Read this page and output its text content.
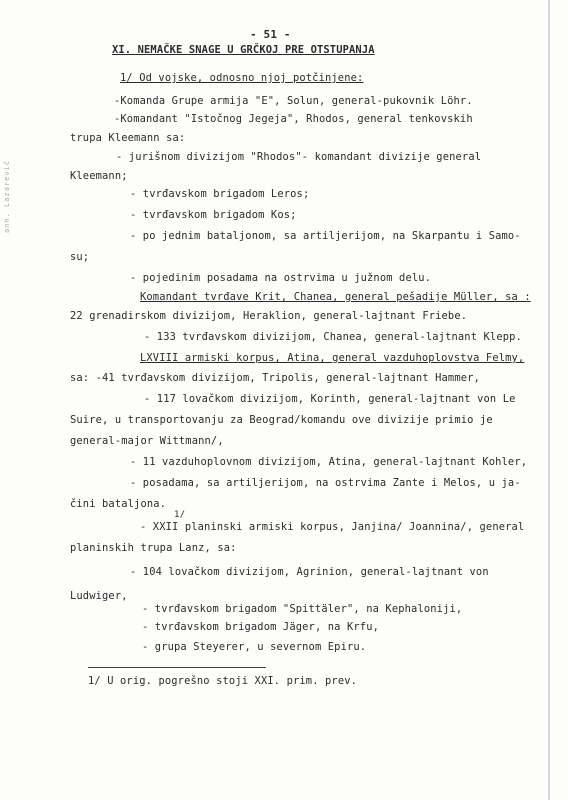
ann. Lazarević
- 51 -
XI. NEMAČKE SNAGE U GRČKOJ PRE OTSTUPANJA
1/ Od vojske, odnosno njoj potčinjene:
-Komanda Grupe armija "E", Solun, general-pukovnik Löhr.
-Komandant "Istočnog Jegeja", Rhodos, general tenkovskih
trupa Kleemann sa:
- jurišnom divizijom "Rhodos"- komandant divizije general
Kleemann;
- tvrđavskom brigadom Leros;
- tvrđavskom brigadom Kos;
- po jednim bataljonom, sa artiljerijom, na Skarpantu i Samo-
su;
- pojedinim posadama na ostrvima u južnom delu.
Komandant tvrđave Krit, Chanea, general pešadije Müller, sa :
22 grenadirskom divizijom, Heraklion, general-lajtnant Friebe.
- 133 tvrđavskom divizijom, Chanea, general-lajtnant Klepp.
LXVIII armiski korpus, Atina, general vazduhoplovstva Felmy,
sa: -41 tvrđavskom divizijom, Tripolis, general-lajtnant Hammer,
- 117 lovačkom divizijom, Korinth, general-lajtnant von Le
Suire, u transportovanju za Beograd/komandu ove divizije primio je
general-major Wittmann/,
- 11 vazduhoplovnom divizijom, Atina, general-lajtnant Kohler,
- posadama, sa artiljerijom, na ostrvima Zante i Melos, u ja-
čini bataljona.
1/
- XXII planinski armiski korpus, Janjina/ Joannina/, general
planinskih trupa Lanz, sa:
- 104 lovačkom divizijom, Agrinion, general-lajtnant von
Ludwiger,
- tvrđavskom brigadom "Spittäler", na Kephaloniji,
- tvrđavskom brigadom Jäger, na Krfu,
- grupa Steyerer, u severnom Epiru.
1/ U orig. pogrešno stoji XXI. prim. prev.
